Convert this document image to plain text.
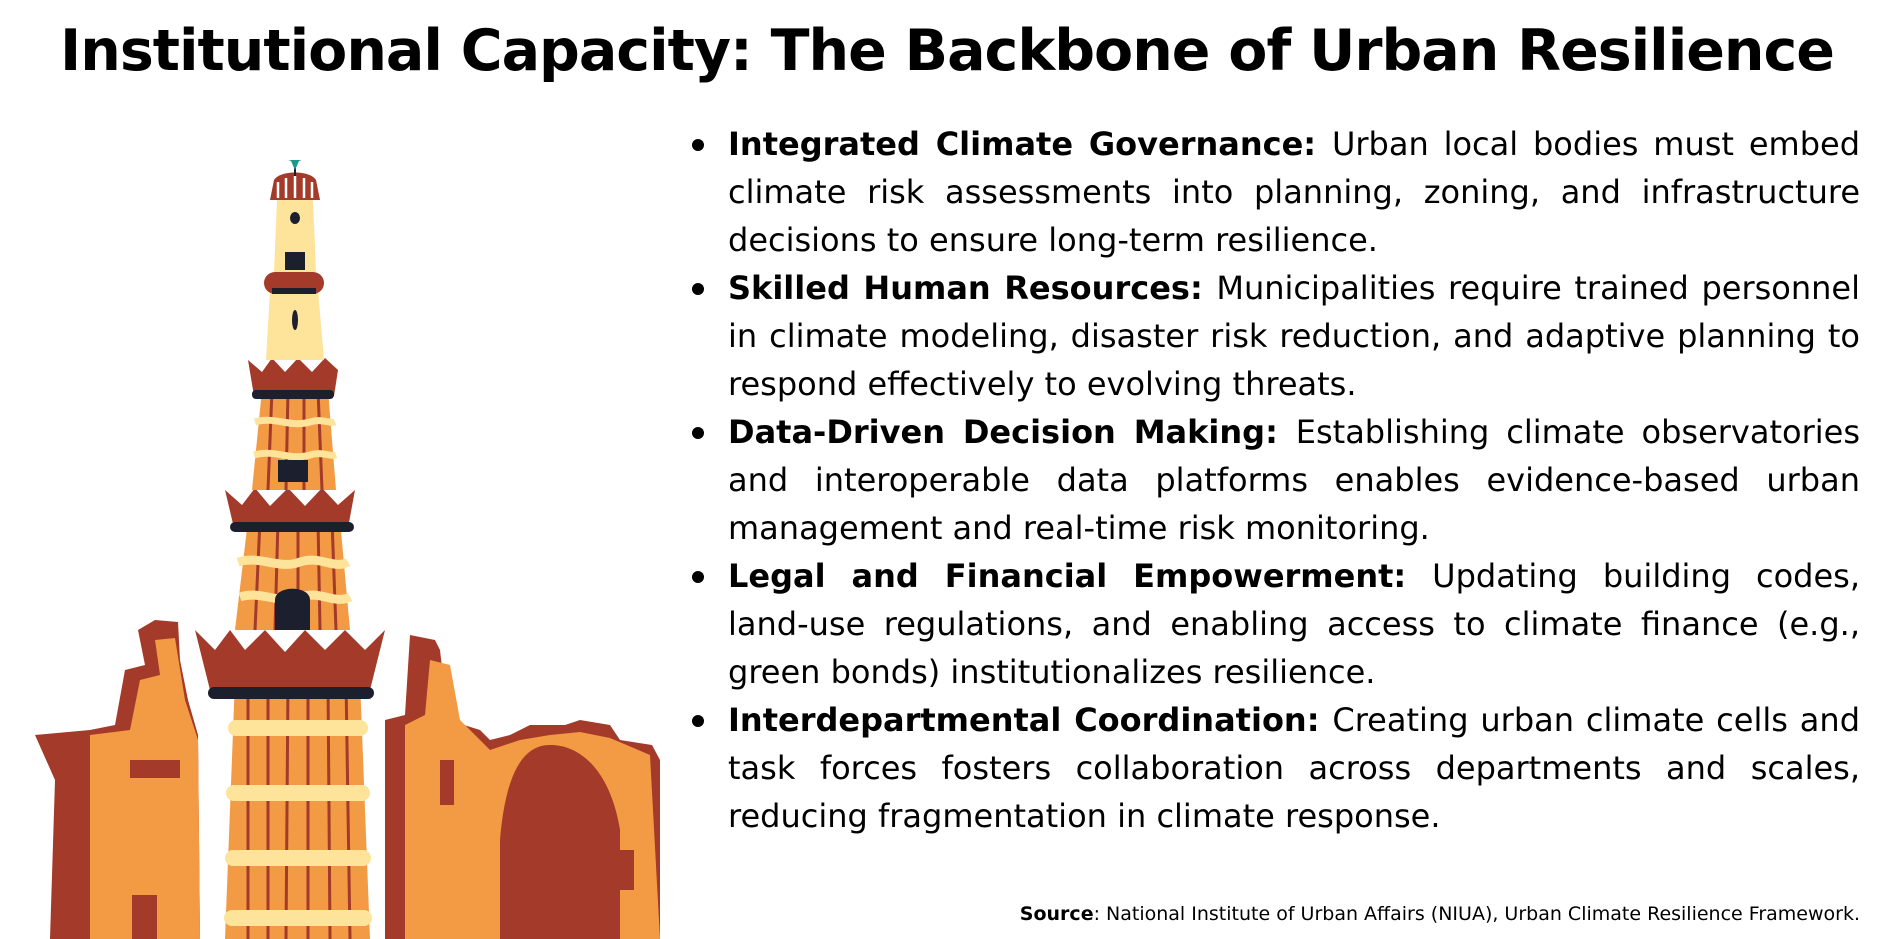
Institutional Capacity: The Backbone of Urban Resilience
Integrated Climate Governance: Urban local bodies must embed climate risk assessments into planning, zoning, and infrastructure decisions to ensure long-term resilience.
Skilled Human Resources: Municipalities require trained personnel in climate modeling, disaster risk reduction, and adaptive planning to respond effectively to evolving threats.
Data-Driven Decision Making: Establishing climate observatories and interoperable data platforms enables evidence-based urban management and real-time risk monitoring.
Legal and Financial Empowerment: Updating building codes, land-use regulations, and enabling access to climate finance (e.g., green bonds) institutionalizes resilience.
Interdepartmental Coordination: Creating urban climate cells and task forces fosters collaboration across departments and scales, reducing fragmentation in climate response.
Source: National Institute of Urban Affairs (NIUA), Urban Climate Resilience Framework.
